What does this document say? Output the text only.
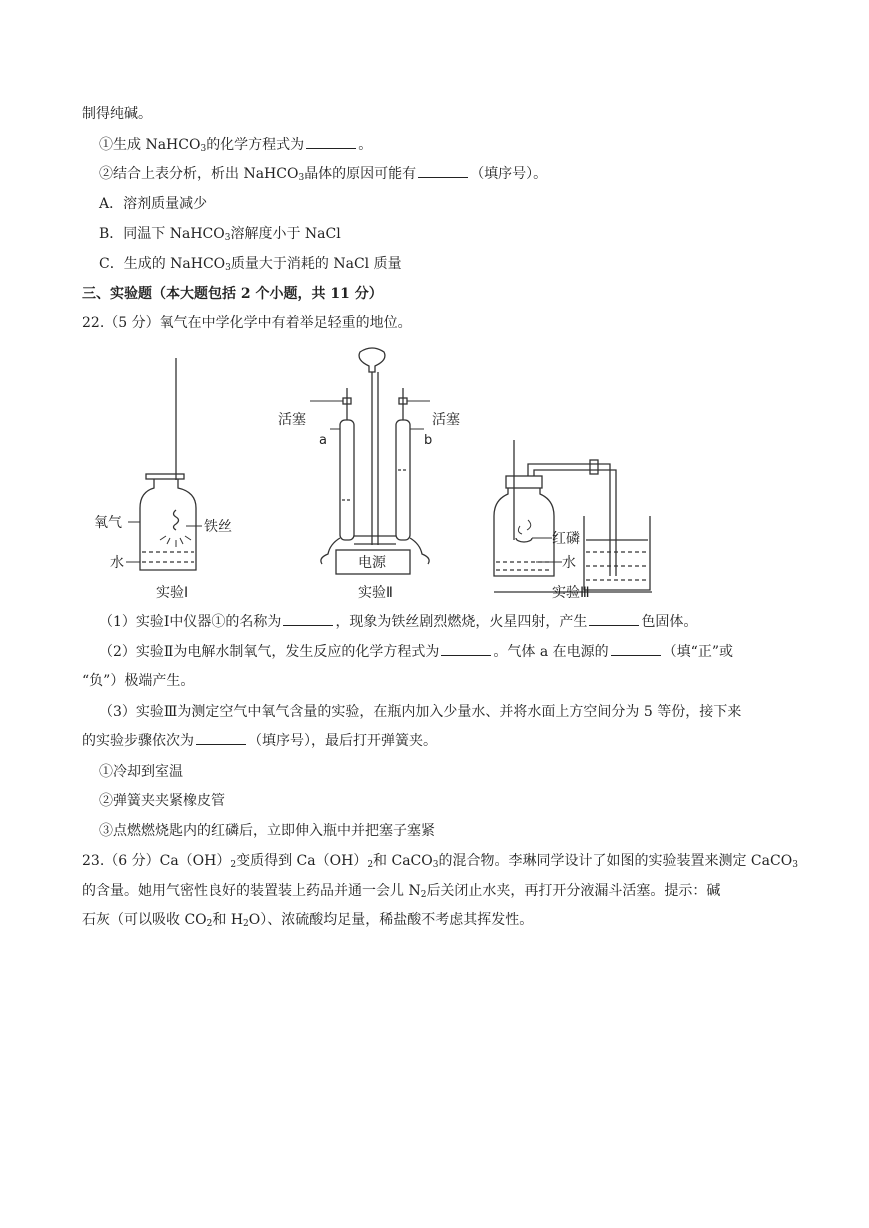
制得纯碱。
①生成 NaHCO$_3$的化学方程式为	。
②结合上表分析，析出 NaHCO$_3$晶体的原因可能有	（填序号）。
A．溶剂质量减少
B．同温下 NaHCO$_3$溶解度小于 NaCl
C．生成的 NaHCO$_3$质量大于消耗的 NaCl 质量
三、实验题（本大题包括 2 个小题，共 11 分）
22.（5 分）氧气在中学化学中有着举足轻重的地位。
氧气	铁丝
水
实验Ⅰ
活塞	活塞
a	b
电源
实验Ⅱ
红磷
水
实验Ⅲ
（1）实验Ⅰ中仪器①的名称为	，现象为铁丝剧烈燃烧，火星四射，产生	色固体。
（2）实验Ⅱ为电解水制氧气，发生反应的化学方程式为	。气体 a 在电源的	（填“正”或
“负”）极端产生。
（3）实验Ⅲ为测定空气中氧气含量的实验，在瓶内加入少量水、并将水面上方空间分为 5 等份，接下来
的实验步骤依次为	（填序号），最后打开弹簧夹。
①冷却到室温
②弹簧夹夹紧橡皮管
③点燃燃烧匙内的红磷后，立即伸入瓶中并把塞子塞紧
23.（6 分）$Ca(OH)_2$变质得到 $Ca(OH)_2$和 CaCO$_3$的混合物。李琳同学设计了如图的实验装置来测定 CaCO$_3$
的含量。她用气密性良好的装置装上药品并通一会儿 $N_2$后关闭止水夹，再打开分液漏斗活塞。提示：碱
石灰（可以吸收 $CO_2$和 $H_2O$）、浓硫酸均足量，稀盐酸不考虑其挥发性。
